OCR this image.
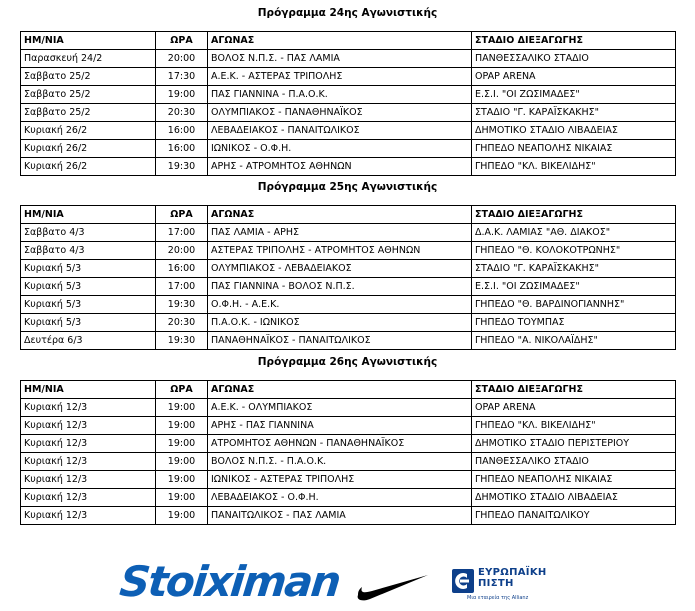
Πρόγραμμα 24ης Αγωνιστικής
ΗΜ/ΝΙΑ	ΩΡΑ	ΑΓΩΝΑΣ	ΣΤΑΔΙΟ ΔΙΕΞΑΓΩΓΗΣ
Παρασκευή 24/2	20:00	ΒΟΛΟΣ Ν.Π.Σ. - ΠΑΣ ΛΑΜΙΑ	ΠΑΝΘΕΣΣΑΛΙΚΟ ΣΤΑΔΙΟ
Σαββατο 25/2	17:30	Α.Ε.Κ. - ΑΣΤΕΡΑΣ ΤΡΙΠΟΛΗΣ	OPAP ARENA
Σαββατο 25/2	19:00	ΠΑΣ ΓΙΑΝΝΙΝΑ - Π.Α.Ο.Κ.	Ε.Σ.Ι. "ΟΙ ΖΩΣΙΜΑΔΕΣ"
Σαββατο 25/2	20:30	ΟΛΥΜΠΙΑΚΟΣ - ΠΑΝΑΘΗΝΑΪΚΟΣ	ΣΤΑΔΙΟ "Γ. ΚΑΡΑΪΣΚΑΚΗΣ"
Κυριακή 26/2	16:00	ΛΕΒΑΔΕΙΑΚΟΣ - ΠΑΝΑΙΤΩΛΙΚΟΣ	ΔΗΜΟΤΙΚΟ ΣΤΑΔΙΟ ΛΙΒΑΔΕΙΑΣ
Κυριακή 26/2	16:00	ΙΩΝΙΚΟΣ - Ο.Φ.Η.	ΓΗΠΕΔΟ ΝΕΑΠΟΛΗΣ ΝΙΚΑΙΑΣ
Κυριακή 26/2	19:30	ΑΡΗΣ - ΑΤΡΟΜΗΤΟΣ ΑΘΗΝΩΝ	ΓΗΠΕΔΟ "ΚΛ. ΒΙΚΕΛΙΔΗΣ"
Πρόγραμμα 25ης Αγωνιστικής
ΗΜ/ΝΙΑ	ΩΡΑ	ΑΓΩΝΑΣ	ΣΤΑΔΙΟ ΔΙΕΞΑΓΩΓΗΣ
Σαββατο 4/3	17:00	ΠΑΣ ΛΑΜΙΑ - ΑΡΗΣ	Δ.Α.Κ. ΛΑΜΙΑΣ "ΑΘ. ΔΙΑΚΟΣ"
Σαββατο 4/3	20:00	ΑΣΤΕΡΑΣ ΤΡΙΠΟΛΗΣ - ΑΤΡΟΜΗΤΟΣ ΑΘΗΝΩΝ	ΓΗΠΕΔΟ "Θ. ΚΟΛΟΚΟΤΡΩΝΗΣ"
Κυριακή 5/3	16:00	ΟΛΥΜΠΙΑΚΟΣ - ΛΕΒΑΔΕΙΑΚΟΣ	ΣΤΑΔΙΟ "Γ. ΚΑΡΑΪΣΚΑΚΗΣ"
Κυριακή 5/3	17:00	ΠΑΣ ΓΙΑΝΝΙΝΑ - ΒΟΛΟΣ Ν.Π.Σ.	Ε.Σ.Ι. "ΟΙ ΖΩΣΙΜΑΔΕΣ"
Κυριακή 5/3	19:30	Ο.Φ.Η. - Α.Ε.Κ.	ΓΗΠΕΔΟ "Θ. ΒΑΡΔΙΝΟΓΙΑΝΝΗΣ"
Κυριακή 5/3	20:30	Π.Α.Ο.Κ. - ΙΩΝΙΚΟΣ	ΓΗΠΕΔΟ ΤΟΥΜΠΑΣ
Δευτέρα 6/3	19:30	ΠΑΝΑΘΗΝΑΪΚΟΣ - ΠΑΝΑΙΤΩΛΙΚΟΣ	ΓΗΠΕΔΟ "Α. ΝΙΚΟΛΑΪΔΗΣ"
Πρόγραμμα 26ης Αγωνιστικής
ΗΜ/ΝΙΑ	ΩΡΑ	ΑΓΩΝΑΣ	ΣΤΑΔΙΟ ΔΙΕΞΑΓΩΓΗΣ
Κυριακή 12/3	19:00	Α.Ε.Κ. - ΟΛΥΜΠΙΑΚΟΣ	OPAP ARENA
Κυριακή 12/3	19:00	ΑΡΗΣ - ΠΑΣ ΓΙΑΝΝΙΝΑ	ΓΗΠΕΔΟ "ΚΛ. ΒΙΚΕΛΙΔΗΣ"
Κυριακή 12/3	19:00	ΑΤΡΟΜΗΤΟΣ ΑΘΗΝΩΝ - ΠΑΝΑΘΗΝΑΪΚΟΣ	ΔΗΜΟΤΙΚΟ ΣΤΑΔΙΟ ΠΕΡΙΣΤΕΡΙΟΥ
Κυριακή 12/3	19:00	ΒΟΛΟΣ Ν.Π.Σ. - Π.Α.Ο.Κ.	ΠΑΝΘΕΣΣΑΛΙΚΟ ΣΤΑΔΙΟ
Κυριακή 12/3	19:00	ΙΩΝΙΚΟΣ - ΑΣΤΕΡΑΣ ΤΡΙΠΟΛΗΣ	ΓΗΠΕΔΟ ΝΕΑΠΟΛΗΣ ΝΙΚΑΙΑΣ
Κυριακή 12/3	19:00	ΛΕΒΑΔΕΙΑΚΟΣ - Ο.Φ.Η.	ΔΗΜΟΤΙΚΟ ΣΤΑΔΙΟ ΛΙΒΑΔΕΙΑΣ
Κυριακή 12/3	19:00	ΠΑΝΑΙΤΩΛΙΚΟΣ - ΠΑΣ ΛΑΜΙΑ	ΓΗΠΕΔΟ ΠΑΝΑΙΤΩΛΙΚΟΥ
Stoiximan	ΕΥΡΩΠΑΪΚΗ
ΠΙΣΤΗ
Μια εταιρεία της Allianz
